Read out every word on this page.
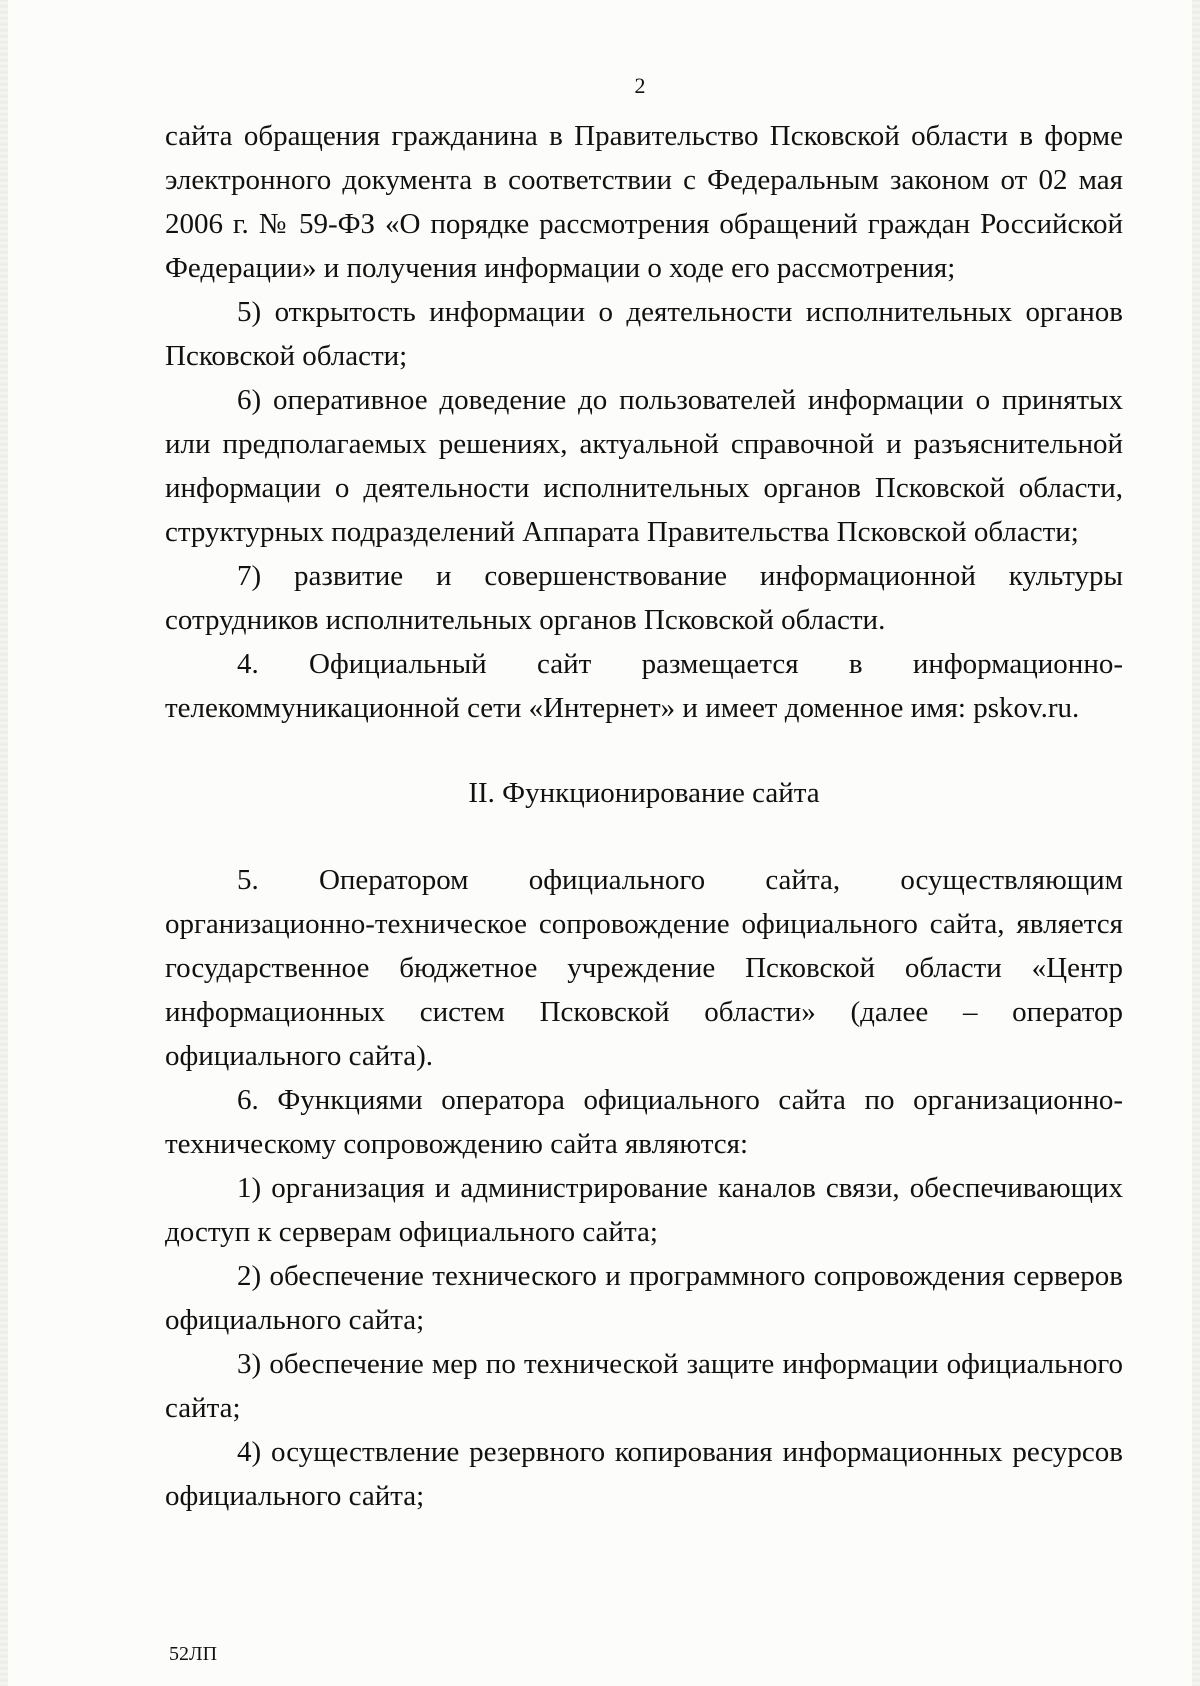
2

сайта обращения гражданина в Правительство Псковской области в форме электронного документа в соответствии с Федеральным законом от 02 мая 2006 г. № 59-ФЗ «О порядке рассмотрения обращений граждан Российской Федерации» и получения информации о ходе его рассмотрения;

5) открытость информации о деятельности исполнительных органов Псковской области;

6) оперативное доведение до пользователей информации о принятых или предполагаемых решениях, актуальной справочной и разъяснительной информации о деятельности исполнительных органов Псковской области, структурных подразделений Аппарата Правительства Псковской области;

7) развитие и совершенствование информационной культуры сотрудников исполнительных органов Псковской области.

4. Официальный сайт размещается в информационно-телекоммуникационной сети «Интернет» и имеет доменное имя: pskov.ru.

II. Функционирование сайта

5. Оператором официального сайта, осуществляющим организационно-техническое сопровождение официального сайта, является государственное бюджетное учреждение Псковской области «Центр информационных систем Псковской области» (далее – оператор официального сайта).

6. Функциями оператора официального сайта по организационно-техническому сопровождению сайта являются:

1) организация и администрирование каналов связи, обеспечивающих доступ к серверам официального сайта;

2) обеспечение технического и программного сопровождения серверов официального сайта;

3) обеспечение мер по технической защите информации официального сайта;

4) осуществление резервного копирования информационных ресурсов официального сайта;

52ЛП
